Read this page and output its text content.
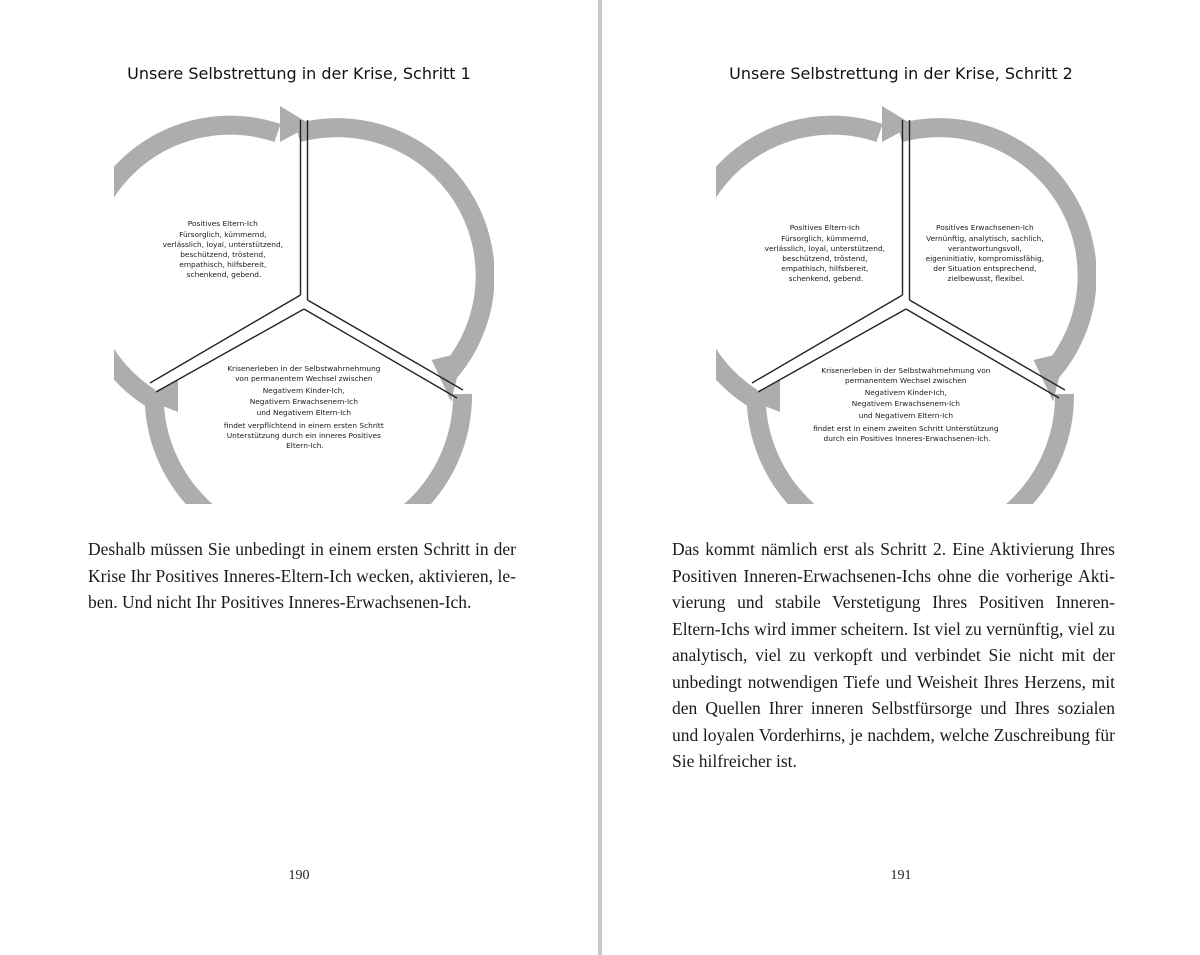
Unsere Selbstrettung in der Krise, Schritt 1
Positives Eltern-Ich Fürsorglich, kümmernd, verlässlich, loyal, unterstützend, beschützend, tröstend, empathisch, hilfsbereit, schenkend, gebend.
Krisenerleben in der Selbstwahrnehmung von permanentem Wechsel zwischen Negativem Kinder-Ich, Negativem Erwachsenem-Ich und Negativem Eltern-Ich findet verpflichtend in einem ersten Schritt Unterstützung durch ein inneres Positives Eltern-Ich.
Deshalb müssen Sie unbedingt in einem ersten Schritt in der Krise Ihr Positives Inneres-Eltern-Ich wecken, aktivieren, leben. Und nicht Ihr Positives Inneres-Erwachsenen-Ich.
190
Unsere Selbstrettung in der Krise, Schritt 2
Positives Eltern-Ich Fürsorglich, kümmernd, verlässlich, loyal, unterstützend, beschützend, tröstend, empathisch, hilfsbereit, schenkend, gebend.
Positives Erwachsenen-Ich Vernünftig, analytisch, sachlich, verantwortungsvoll, eigeninitiativ, kompromissfähig, der Situation entsprechend, zielbewusst, flexibel.
Krisenerleben in der Selbstwahrnehmung von permanentem Wechsel zwischen Negativem Kinder-Ich, Negativem Erwachsenem-Ich und Negativem Eltern-Ich findet erst in einem zweiten Schritt Unterstützung durch ein Positives Inneres-Erwachsenen-Ich.
Das kommt nämlich erst als Schritt 2. Eine Aktivierung Ihres Positiven Inneren-Erwachsenen-Ichs ohne die vorherige Aktivierung und stabile Verstetigung Ihres Positiven Inneren-Eltern-Ichs wird immer scheitern. Ist viel zu vernünftig, viel zu analytisch, viel zu verkopft und verbindet Sie nicht mit der unbedingt notwendigen Tiefe und Weisheit Ihres Herzens, mit den Quellen Ihrer inneren Selbstfürsorge und Ihres sozialen und loyalen Vorderhirns, je nachdem, welche Zuschreibung für Sie hilfreicher ist.
191
